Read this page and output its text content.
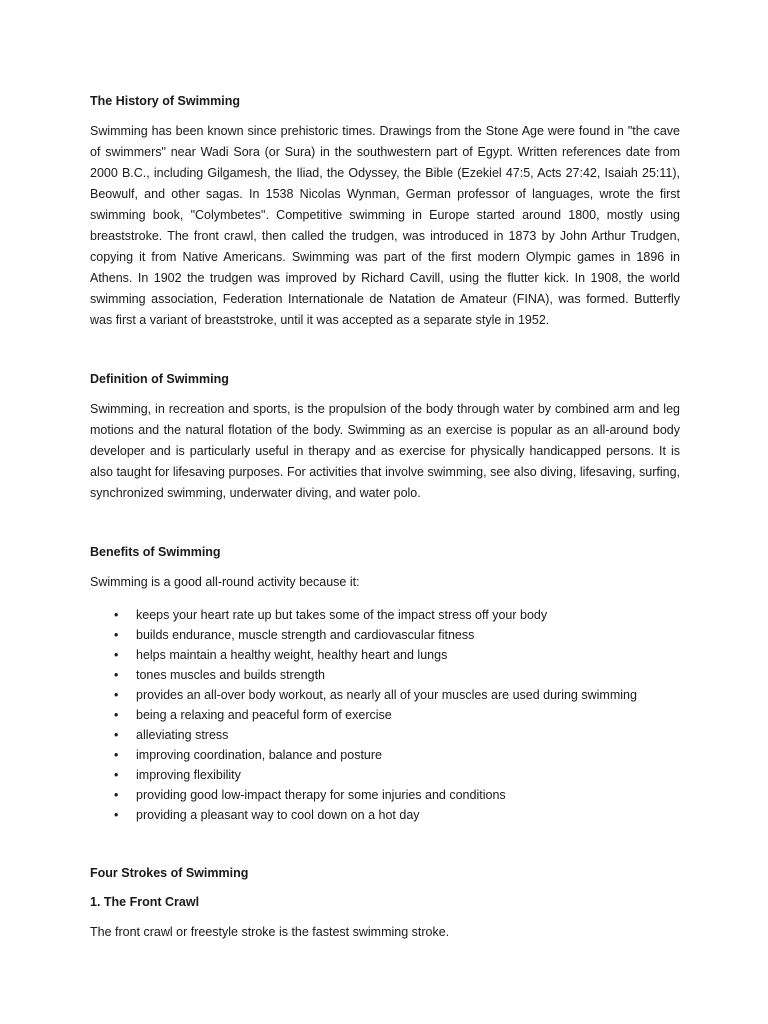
The History of Swimming

Swimming has been known since prehistoric times. Drawings from the Stone Age were found in "the cave of swimmers" near Wadi Sora (or Sura) in the southwestern part of Egypt. Written references date from 2000 B.C., including Gilgamesh, the Iliad, the Odyssey, the Bible (Ezekiel 47:5, Acts 27:42, Isaiah 25:11), Beowulf, and other sagas. In 1538 Nicolas Wynman, German professor of languages, wrote the first swimming book, "Colymbetes". Competitive swimming in Europe started around 1800, mostly using breaststroke. The front crawl, then called the trudgen, was introduced in 1873 by John Arthur Trudgen, copying it from Native Americans. Swimming was part of the first modern Olympic games in 1896 in Athens. In 1902 the trudgen was improved by Richard Cavill, using the flutter kick. In 1908, the world swimming association, Federation Internationale de Natation de Amateur (FINA), was formed. Butterfly was first a variant of breaststroke, until it was accepted as a separate style in 1952.

Definition of Swimming

Swimming, in recreation and sports, is the propulsion of the body through water by combined arm and leg motions and the natural flotation of the body. Swimming as an exercise is popular as an all-around body developer and is particularly useful in therapy and as exercise for physically handicapped persons. It is also taught for lifesaving purposes. For activities that involve swimming, see also diving, lifesaving, surfing, synchronized swimming, underwater diving, and water polo.

Benefits of Swimming

Swimming is a good all-round activity because it:

• keeps your heart rate up but takes some of the impact stress off your body
• builds endurance, muscle strength and cardiovascular fitness
• helps maintain a healthy weight, healthy heart and lungs
• tones muscles and builds strength
• provides an all-over body workout, as nearly all of your muscles are used during swimming
• being a relaxing and peaceful form of exercise
• alleviating stress
• improving coordination, balance and posture
• improving flexibility
• providing good low-impact therapy for some injuries and conditions
• providing a pleasant way to cool down on a hot day
Four Strokes of Swimming
1. The Front Crawl

The front crawl or freestyle stroke is the fastest swimming stroke.
